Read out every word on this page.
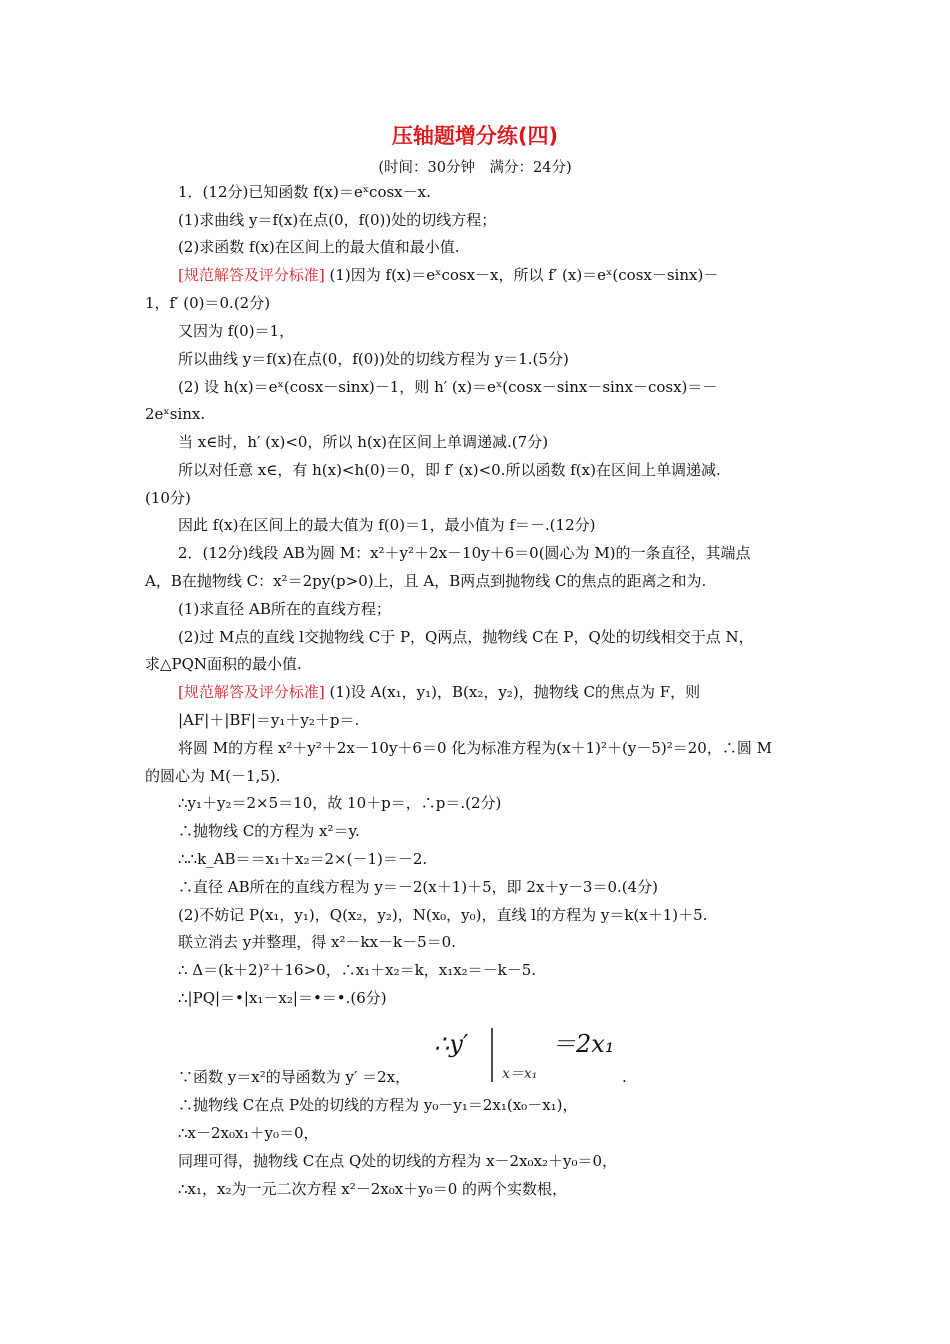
压轴题增分练(四)
(时间：30分钟　满分：24分)
1．(12分)已知函数 f(x)＝eˣcosx－x.
(1)求曲线 y＝f(x)在点(0，f(0))处的切线方程；
(2)求函数 f(x)在区间上的最大值和最小值.
[规范解答及评分标准] (1)因为 f(x)＝eˣcosx－x，所以 f′ (x)＝eˣ(cosx－sinx)－
1，f′ (0)＝0.(2分)
又因为 f(0)＝1，
所以曲线 y＝f(x)在点(0，f(0))处的切线方程为 y＝1.(5分)
(2) 设 h(x)＝eˣ(cosx－sinx)－1，则 h′ (x)＝eˣ(cosx－sinx－sinx－cosx)＝－
2eˣsinx.
当 x∈时，h′ (x)<0，所以 h(x)在区间上单调递减.(7分)
所以对任意 x∈，有 h(x)<h(0)＝0，即 f′ (x)<0.所以函数 f(x)在区间上单调递减.
(10分)
因此 f(x)在区间上的最大值为 f(0)＝1，最小值为 f＝－.(12分)
2．(12分)线段 AB为圆 M：x²＋y²＋2x－10y＋6＝0(圆心为 M)的一条直径，其端点
A，B在抛物线 C：x²＝2py(p>0)上，且 A，B两点到抛物线 C的焦点的距离之和为.
(1)求直径 AB所在的直线方程；
(2)过 M点的直线 l交抛物线 C于 P，Q两点，抛物线 C在 P，Q处的切线相交于点 N，
求△PQN面积的最小值.
[规范解答及评分标准] (1)设 A(x₁，y₁)，B(x₂，y₂)，抛物线 C的焦点为 F，则
|AF|＋|BF|＝y₁＋y₂＋p＝.
将圆 M的方程 x²＋y²＋2x－10y＋6＝0 化为标准方程为(x＋1)²＋(y－5)²＝20，∴圆 M
的圆心为 M(－1,5).
∴y₁＋y₂＝2×5＝10，故 10＋p＝，∴p＝.(2分)
∴抛物线 C的方程为 x²＝y.
∴∴k_AB＝＝x₁＋x₂＝2×(－1)＝－2.
∴直径 AB所在的直线方程为 y＝－2(x＋1)＋5，即 2x＋y－3＝0.(4分)
(2)不妨记 P(x₁，y₁)，Q(x₂，y₂)，N(x₀，y₀)，直线 l的方程为 y＝k(x＋1)＋5.
联立消去 y并整理，得 x²－kx－k－5＝0.
∴ Δ＝(k＋2)²＋16>0，∴x₁＋x₂＝k，x₁x₂＝－k－5.
∴|PQ|＝•|x₁－x₂|＝•＝•.(6分)
∴y′
x＝x₁
＝2x₁
∵函数 y＝x²的导函数为 y′ ＝2x，	.
∴抛物线 C在点 P处的切线的方程为 y₀－y₁＝2x₁(x₀－x₁)，
∴x－2x₀x₁＋y₀＝0，
同理可得，抛物线 C在点 Q处的切线的方程为 x－2x₀x₂＋y₀＝0，
∴x₁，x₂为一元二次方程 x²－2x₀x＋y₀＝0 的两个实数根，
